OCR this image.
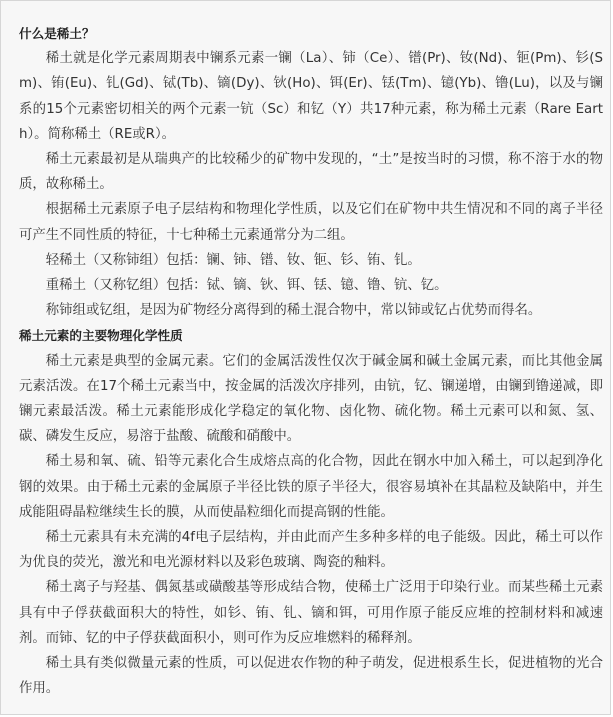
什么是稀土？

稀土就是化学元素周期表中镧系元素一镧（La）、铈（Ce）、镨(Pr)、钕(Nd)、钷(Pm)、钐(Sm)、铕(Eu)、钆(Gd)、铽(Tb)、镝(Dy)、钬(Ho)、铒(Er)、铥(Tm)、镱(Yb)、镥(Lu)，以及与镧系的15个元素密切相关的两个元素一钪（Sc）和钇（Y）共17种元素，称为稀土元素（Rare Earth）。简称稀土（RE或R）。

稀土元素最初是从瑞典产的比较稀少的矿物中发现的，“土”是按当时的习惯，称不溶于水的物质，故称稀土。

根据稀土元素原子电子层结构和物理化学性质，以及它们在矿物中共生情况和不同的离子半径可产生不同性质的特征，十七种稀土元素通常分为二组。

轻稀土（又称铈组）包括：镧、铈、镨、钕、钷、钐、铕、钆。

重稀土（又称钇组）包括：铽、镝、钬、铒、铥、镱、镥、钪、钇。

称铈组或钇组，是因为矿物经分离得到的稀土混合物中，常以铈或钇占优势而得名。

稀土元素的主要物理化学性质

稀土元素是典型的金属元素。它们的金属活泼性仅次于碱金属和碱土金属元素，而比其他金属元素活泼。在17个稀土元素当中，按金属的活泼次序排列，由钪，钇、镧递增，由镧到镥递减，即镧元素最活泼。稀土元素能形成化学稳定的氧化物、卤化物、硫化物。稀土元素可以和氮、氢、碳、磷发生反应，易溶于盐酸、硫酸和硝酸中。

稀土易和氧、硫、铅等元素化合生成熔点高的化合物，因此在钢水中加入稀土，可以起到净化钢的效果。由于稀土元素的金属原子半径比铁的原子半径大，很容易填补在其晶粒及缺陷中，并生成能阻碍晶粒继续生长的膜，从而使晶粒细化而提高钢的性能。

稀土元素具有未充满的4f电子层结构，并由此而产生多种多样的电子能级。因此，稀土可以作为优良的荧光，激光和电光源材料以及彩色玻璃、陶瓷的釉料。

稀土离子与羟基、偶氮基或磺酸基等形成结合物，使稀土广泛用于印染行业。而某些稀土元素具有中子俘获截面积大的特性，如钐、铕、钆、镝和铒，可用作原子能反应堆的控制材料和减速剂。而铈、钇的中子俘获截面积小，则可作为反应堆燃料的稀释剂。

稀土具有类似微量元素的性质，可以促进农作物的种子萌发，促进根系生长，促进植物的光合作用。
